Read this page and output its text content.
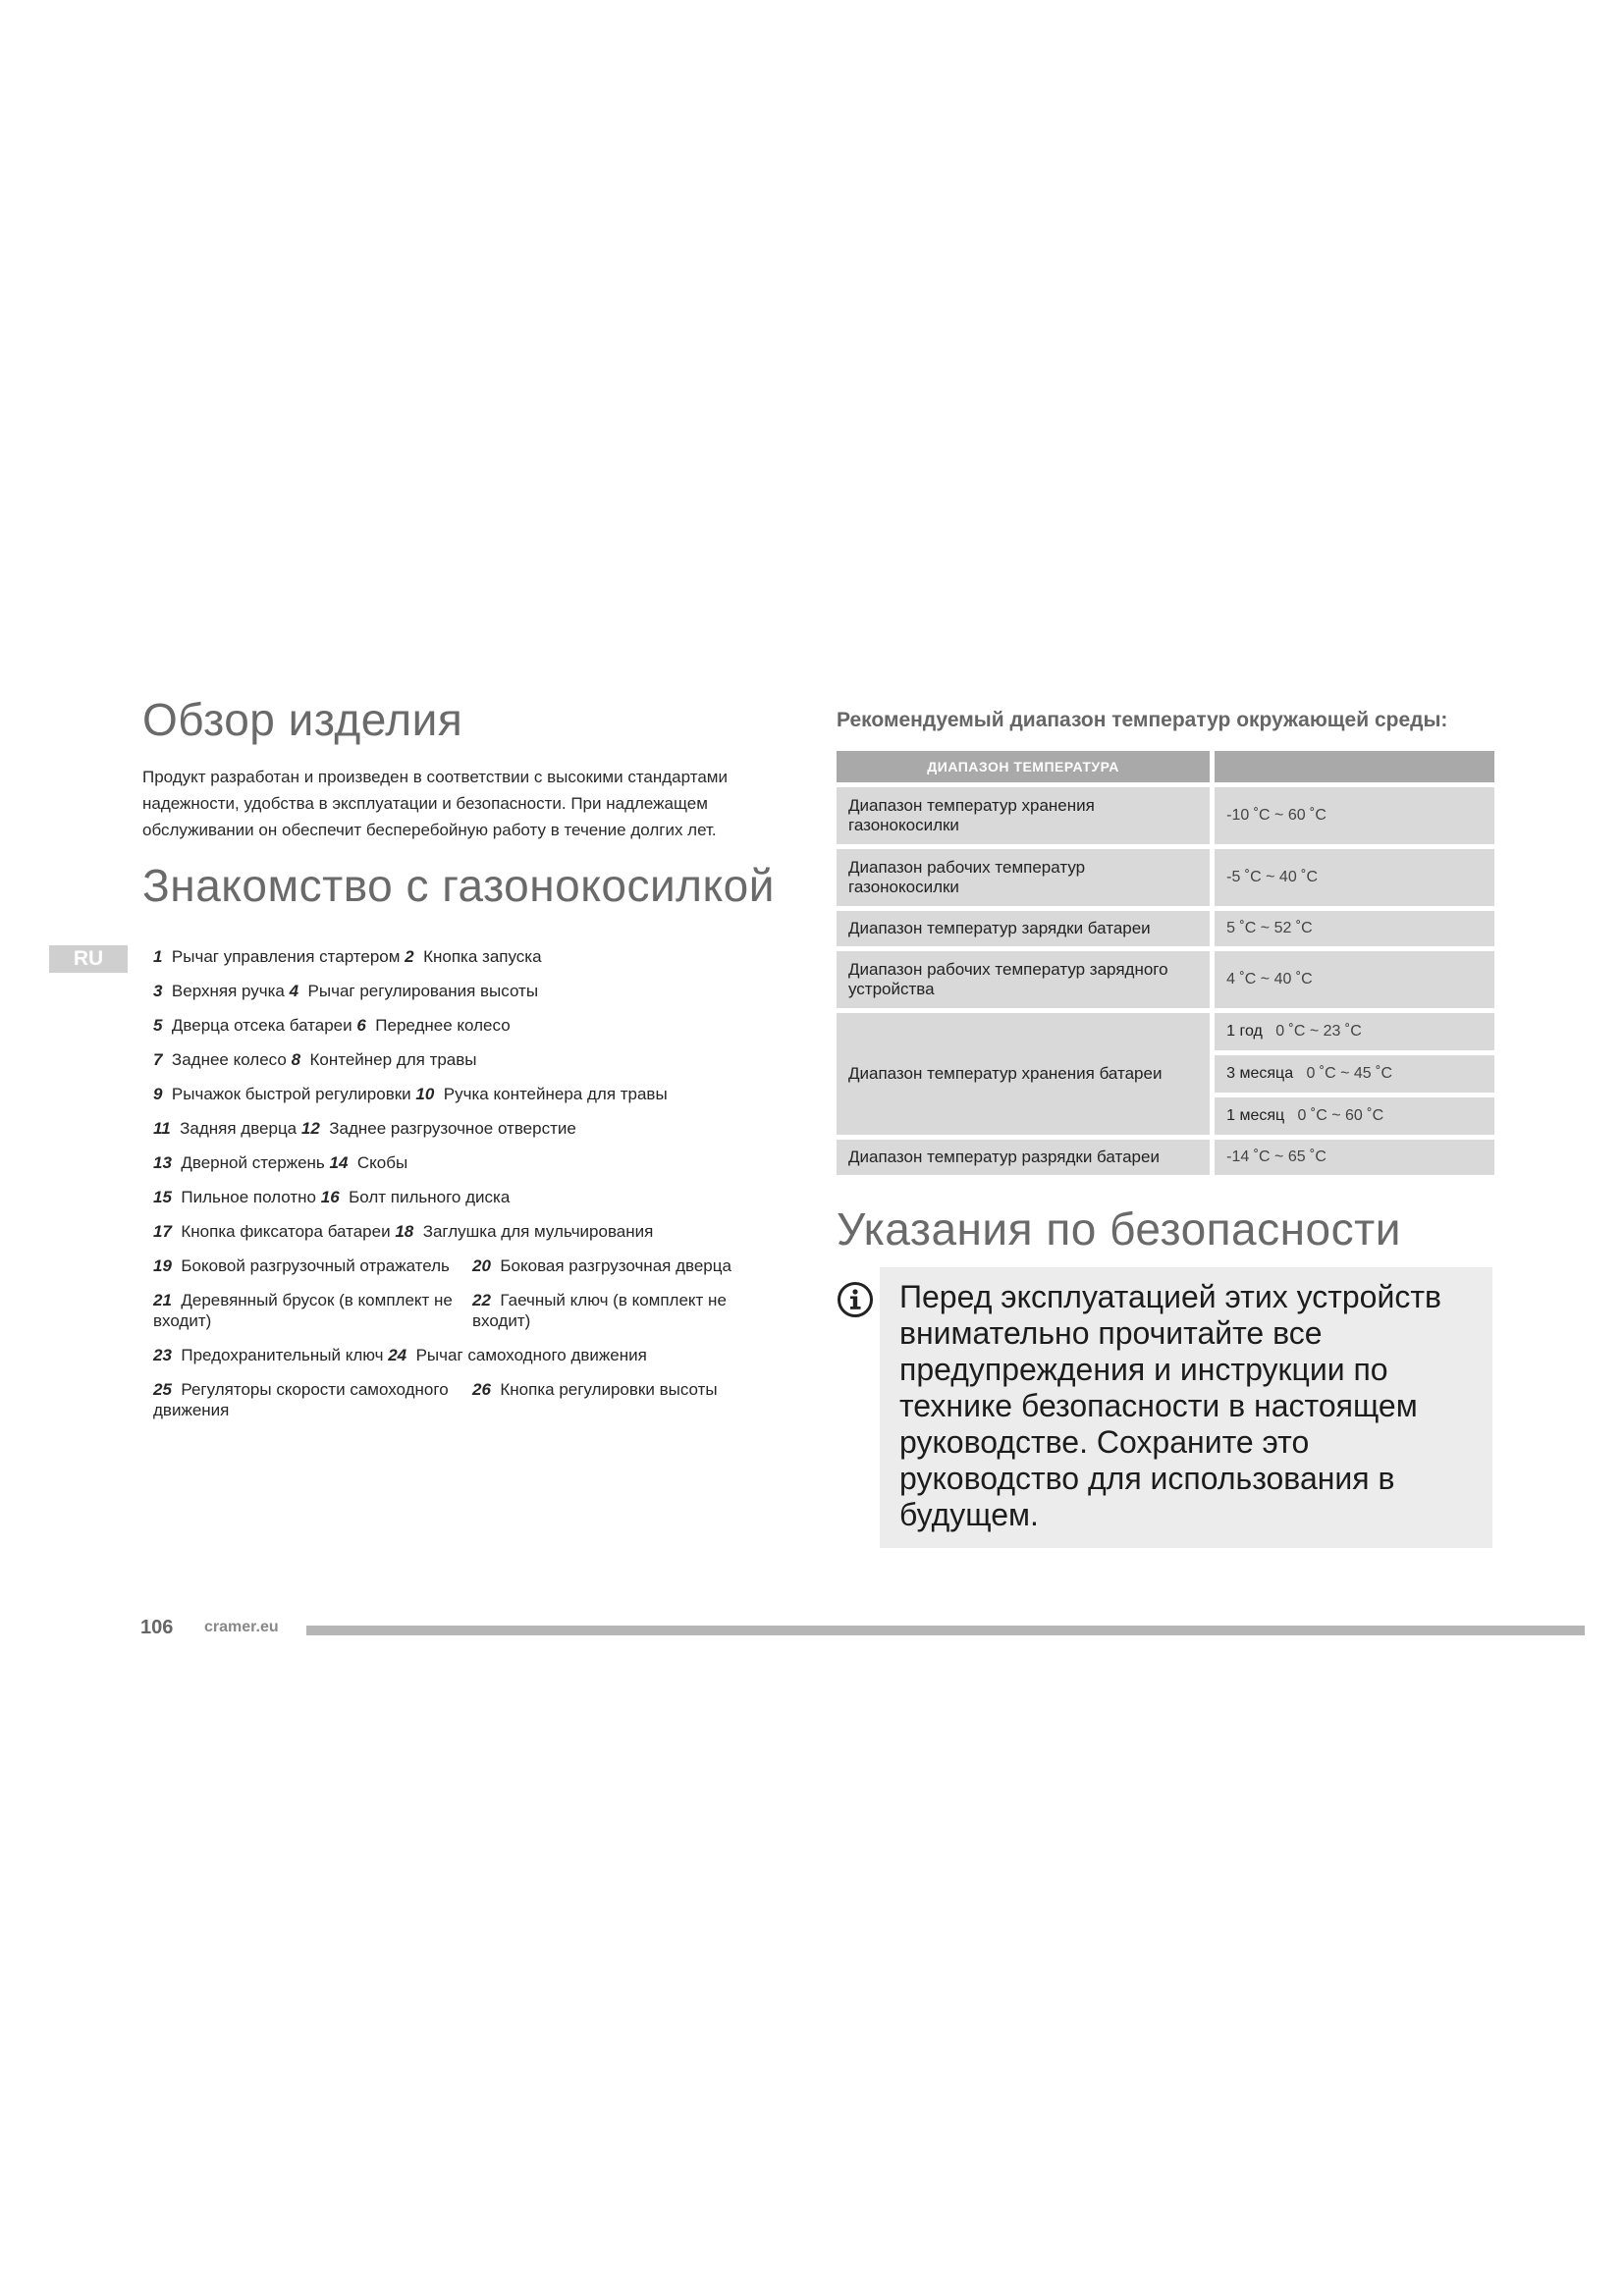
Обзор изделия

Продукт разработан и произведен в соответствии с высокими стандартами надежности, удобства в эксплуатации и безопасности. При надлежащем обслуживании он обеспечит бесперебойную работу в течение долгих лет.

Знакомство с газонокосилкой
RU	1
Рычаг управления стартером
2
Кнопка запуска
3
Верхняя ручка
4
Рычаг регулирования высоты
5
Дверца отсека батареи
6
Переднее колесо
7
Заднее колесо
8
Контейнер для травы
9
Рычажок быстрой регулировки
10
Ручка контейнера для травы
11
Задняя дверца
12
Заднее разгрузочное отверстие
13
Дверной стержень
14
Скобы
15
Пильное полотно
16
Болт пильного диска
17
Кнопка фиксатора батареи
18
Заглушка для мульчирования
19 Боковой разгрузочный отражатель	20 Боковая разгрузочная дверца
21 Деревянный брусок (в комплект не входит)
22 Гаечный ключ (в комплект не входит)
23
Предохранительный ключ
24
Рычаг самоходного движения
25 Регуляторы скорости самоходного движения
26 Кнопка регулировки высоты
Рекомендуемый диапазон температур окружающей среды:
ДИАПАЗОН ТЕМПЕРАТУРА	
Диапазон температур хранения газонокосилки	-10 ˚C ~ 60 ˚C
Диапазон рабочих температур газонокосилки	-5 ˚C ~ 40 ˚C
Диапазон температур зарядки батареи	5 ˚C ~ 52 ˚C
Диапазон рабочих температур зарядного устройства	4 ˚C ~ 40 ˚C
Диапазон температур хранения батареи	1 год 0 ˚C ~ 23 ˚C
	3 месяца 0 ˚C ~ 45 ˚C
	1 месяц 0 ˚C ~ 60 ˚C
Диапазон температур разрядки батареи	-14 ˚C ~ 65 ˚C
Указания по безопасности
Перед эксплуатацией этих устройств внимательно прочитайте все предупреждения и инструкции по технике безопасности в настоящем руководстве. Сохраните это руководство для использования в будущем.
106 cramer.eu
